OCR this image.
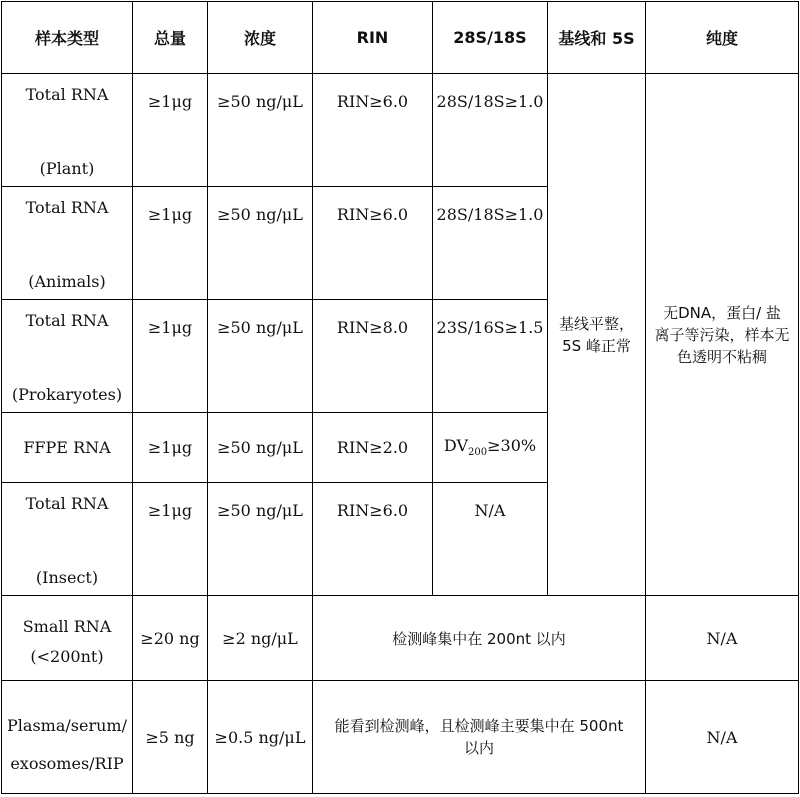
样本类型	总量	浓度	RIN	28S/18S	基线和 5S	纯度

Total RNA
(Plant)	≥1μg	≥50 ng/μL	RIN≥6.0	28S/18S≥1.0	基线平整，
5S 峰正常	无DNA，蛋白/ 盐
离子等污染，样本无
色透明不粘稠

Total RNA
(Animals)	≥1μg	≥50 ng/μL	RIN≥6.0	28S/18S≥1.0		

Total RNA
(Prokaryotes)	≥1μg	≥50 ng/μL	RIN≥8.0	23S/16S≥1.5		
FFPE RNA	≥1μg	≥50 ng/μL	RIN≥2.0	$DV_{200}\ge 30\%$		

Total RNA
(Insect)	≥1μg	≥50 ng/μL	RIN≥6.0	N/A		

Small RNA
(<200nt)	≥20 ng	≥2 ng/μL	检测峰集中在 200nt 以内			N/A

Plasma/serum/
exosomes/RIP	≥5 ng	≥0.5 ng/μL	能看到检测峰，且检测峰主要集中在 500nt
以内			N/A
